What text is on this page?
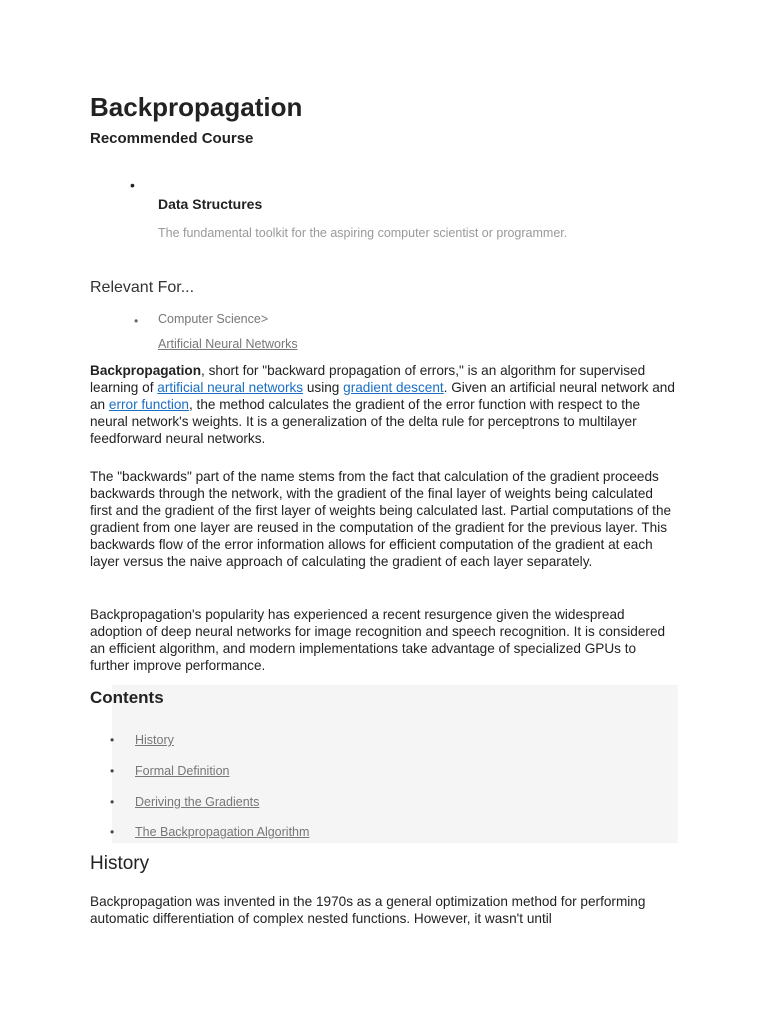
Backpropagation
Recommended Course
•
Data Structures
The fundamental toolkit for the aspiring computer scientist or programmer.
Relevant For...
• Computer Science>
Artificial Neural Networks

Backpropagation, short for "backward propagation of errors," is an algorithm for supervised learning of artificial neural networks using gradient descent. Given an artificial neural network and an error function, the method calculates the gradient of the error function with respect to the neural network's weights. It is a generalization of the delta rule for perceptrons to multilayer feedforward neural networks.

The "backwards" part of the name stems from the fact that calculation of the gradient proceeds backwards through the network, with the gradient of the final layer of weights being calculated first and the gradient of the first layer of weights being calculated last. Partial computations of the gradient from one layer are reused in the computation of the gradient for the previous layer. This backwards flow of the error information allows for efficient computation of the gradient at each layer versus the naive approach of calculating the gradient of each layer separately.

Backpropagation's popularity has experienced a recent resurgence given the widespread adoption of deep neural networks for image recognition and speech recognition. It is considered an efficient algorithm, and modern implementations take advantage of specialized GPUs to further improve performance.

Contents
• History
• Formal Definition
• Deriving the Gradients
• The Backpropagation Algorithm
History

Backpropagation was invented in the 1970s as a general optimization method for performing automatic differentiation of complex nested functions. However, it wasn't until
